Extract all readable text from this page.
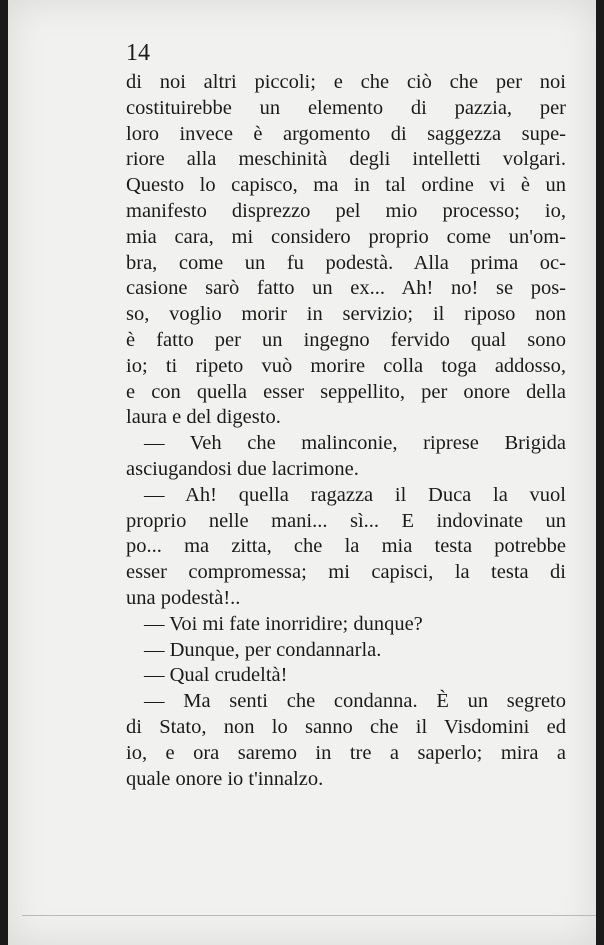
14
di noi altri piccoli; e che ciò che per noi
costituirebbe un elemento di pazzia, per
loro invece è argomento di saggezza supe-
riore alla meschinità degli intelletti volgari.
Questo lo capisco, ma in tal ordine vi è un
manifesto disprezzo pel mio processo; io,
mia cara, mi considero proprio come un'om-
bra, come un fu podestà. Alla prima oc-
casione sarò fatto un ex... Ah! no! se pos-
so, voglio morir in servizio; il riposo non
è fatto per un ingegno fervido qual sono
io; ti ripeto vuò morire colla toga addosso,
e con quella esser seppellito, per onore della
laura e del digesto.
— Veh che malinconie, riprese Brigida
asciugandosi due lacrimone.
— Ah! quella ragazza il Duca la vuol
proprio nelle mani... sì... E indovinate un
po... ma zitta, che la mia testa potrebbe
esser compromessa; mi capisci, la testa di
una podestà!..
— Voi mi fate inorridire; dunque?
— Dunque, per condannarla.
— Qual crudeltà!
— Ma senti che condanna. È un segreto
di Stato, non lo sanno che il Visdomini ed
io, e ora saremo in tre a saperlo; mira a
quale onore io t'innalzo.
